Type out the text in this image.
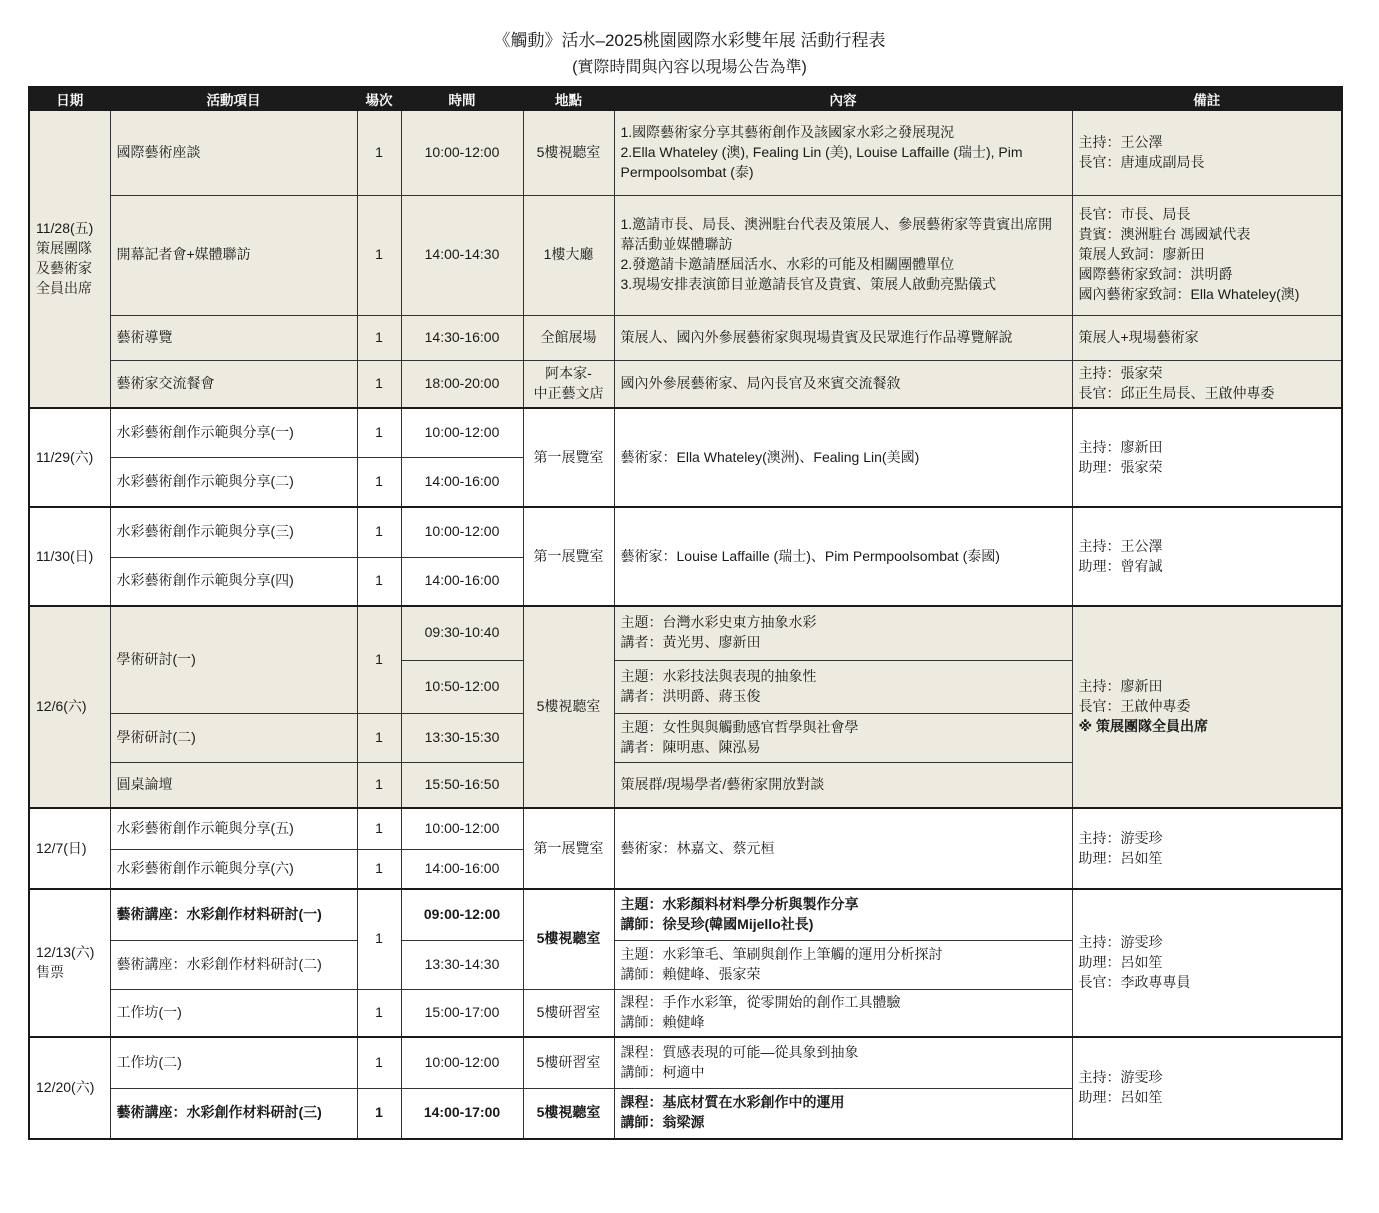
《觸動》活水–2025桃園國際水彩雙年展 活動行程表
(實際時間與內容以現場公告為準)
日期	活動項目	場次	時間	地點	內容	備註
11/28(五)
策展團隊
及藝術家
全員出席	國際藝術座談	1	10:00-12:00	5樓視聽室	1.國際藝術家分享其藝術創作及該國家水彩之發展現況
2.Ella Whateley (澳), Fealing Lin (美), Louise Laffaille (瑞士), Pim Permpoolsombat (泰)	主持：王公澤
長官：唐連成副局長
	開幕記者會+媒體聯訪	1	14:00-14:30	1樓大廳	1.邀請市長、局長、澳洲駐台代表及策展人、參展藝術家等貴賓出席開幕活動並媒體聯訪
2.發邀請卡邀請歷屆活水、水彩的可能及相關團體單位
3.現場安排表演節目並邀請長官及貴賓、策展人啟動亮點儀式	長官：市長、局長
貴賓：澳洲駐台 馮國斌代表
策展人致詞：廖新田
國際藝術家致詞：洪明爵
國內藝術家致詞：Ella Whateley(澳)
	藝術導覽	1	14:30-16:00	全館展場	策展人、國內外參展藝術家與現場貴賓及民眾進行作品導覽解說	策展人+現場藝術家
	藝術家交流餐會	1	18:00-20:00	阿本家-
中正藝文店	國內外參展藝術家、局內長官及來賓交流餐敘	主持：張家荣
長官：邱正生局長、王啟仲專委
11/29(六)	水彩藝術創作示範與分享(一)	1	10:00-12:00	第一展覽室	藝術家：Ella Whateley(澳洲)、Fealing Lin(美國)	主持：廖新田
助理：張家荣
	水彩藝術創作示範與分享(二)	1	14:00-16:00			
11/30(日)	水彩藝術創作示範與分享(三)	1	10:00-12:00	第一展覽室	藝術家：Louise Laffaille (瑞士)、Pim Permpoolsombat (泰國)	主持：王公澤
助理：曾宥誠
	水彩藝術創作示範與分享(四)	1	14:00-16:00			
12/6(六)	學術研討(一)	1	09:30-10:40	5樓視聽室	主題：台灣水彩史東方抽象水彩
講者：黃光男、廖新田	
主持：廖新田
長官：王啟仲專委
※ 策展團隊全員出席

			10:50-12:00		主題：水彩技法與表現的抽象性
講者：洪明爵、蔣玉俊	
	學術研討(二)	1	13:30-15:30		主題：女性與與觸動感官哲學與社會學
講者：陳明惠、陳泓易	
	圓桌論壇	1	15:50-16:50		策展群/現場學者/藝術家開放對談	
12/7(日)	水彩藝術創作示範與分享(五)	1	10:00-12:00	第一展覽室	藝術家：林嘉文、蔡元桓	主持：游雯珍
助理：呂如笙
	水彩藝術創作示範與分享(六)	1	14:00-16:00			
12/13(六)
售票	藝術講座：水彩創作材料研討(一)	1	09:00-12:00	5樓視聽室	主題：水彩顏料材料學分析與製作分享
講師：徐旻珍(韓國Mijello社長)	主持：游雯珍
助理：呂如笙
長官：李政專專員
	藝術講座：水彩創作材料研討(二)		13:30-14:30		主題：水彩筆毛、筆刷與創作上筆觸的運用分析探討
講師：賴健峰、張家荣	
	工作坊(一)	1	15:00-17:00	5樓研習室	課程：手作水彩筆，從零開始的創作工具體驗
講師：賴健峰	
12/20(六)	工作坊(二)	1	10:00-12:00	5樓研習室	課程：質感表現的可能—從具象到抽象
講師：柯適中	主持：游雯珍
助理：呂如笙
	藝術講座：水彩創作材料研討(三)	1	14:00-17:00	5樓視聽室	課程：基底材質在水彩創作中的運用
講師：翁梁源	
